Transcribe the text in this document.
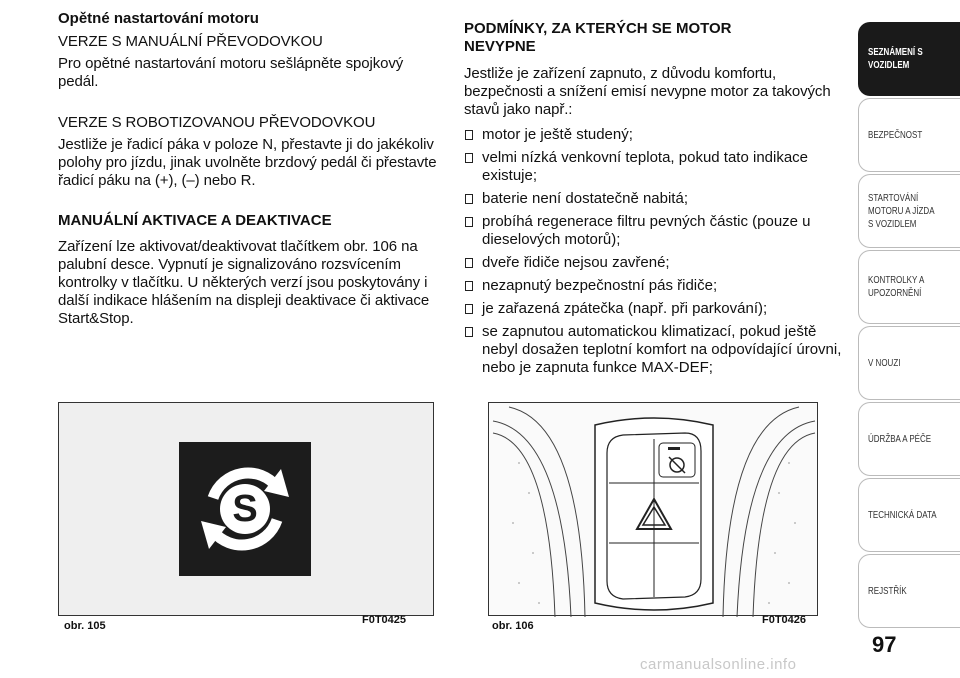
Opětné nastartování motoru
VERZE S MANUÁLNÍ PŘEVODOVKOU
Pro opětné nastartování motoru sešlápněte spojkový pedál.
VERZE S ROBOTIZOVANOU PŘEVODOVKOU
Jestliže je řadicí páka v poloze N, přestavte ji do jakékoliv polohy pro jízdu, jinak uvolněte brzdový pedál či přestavte řadicí páku na (+), (–) nebo R.
MANUÁLNÍ AKTIVACE A DEAKTIVACE
Zařízení lze aktivovat/deaktivovat tlačítkem obr. 106 na palubní desce. Vypnutí je signalizováno rozsvícením kontrolky v tlačítku. U některých verzí jsou poskytovány i další indikace hlášením na displeji deaktivace či aktivace Start&Stop.
PODMÍNKY, ZA KTERÝCH SE MOTOR NEVYPNE
Jestliže je zařízení zapnuto, z důvodu komfortu, bezpečnosti a snížení emisí nevypne motor za takových stavů jako např.:
motor je ještě studený;
velmi nízká venkovní teplota, pokud tato indikace existuje;
baterie není dostatečně nabitá;
probíhá regenerace filtru pevných částic (pouze u dieselových motorů);
dveře řidiče nejsou zavřené;
nezapnutý bezpečnostní pás řidiče;
je zařazená zpátečka (např. při parkování);
se zapnutou automatickou klimatizací, pokud ještě nebyl dosažen teplotní komfort na odpovídající úrovni, nebo je zapnuta funkce MAX-DEF;
S
obr. 105	F0T0425	obr. 106	F0T0426
SEZNÁMENÍ S VOZIDLEM
BEZPEČNOST
STARTOVÁNÍ MOTORU A JÍZDA S VOZIDLEM
KONTROLKY A UPOZORNĚNÍ
V NOUZI
ÚDRŽBA A PÉČE
TECHNICKÁ DATA
REJSTŘÍK
97
carmanualsonline.info
